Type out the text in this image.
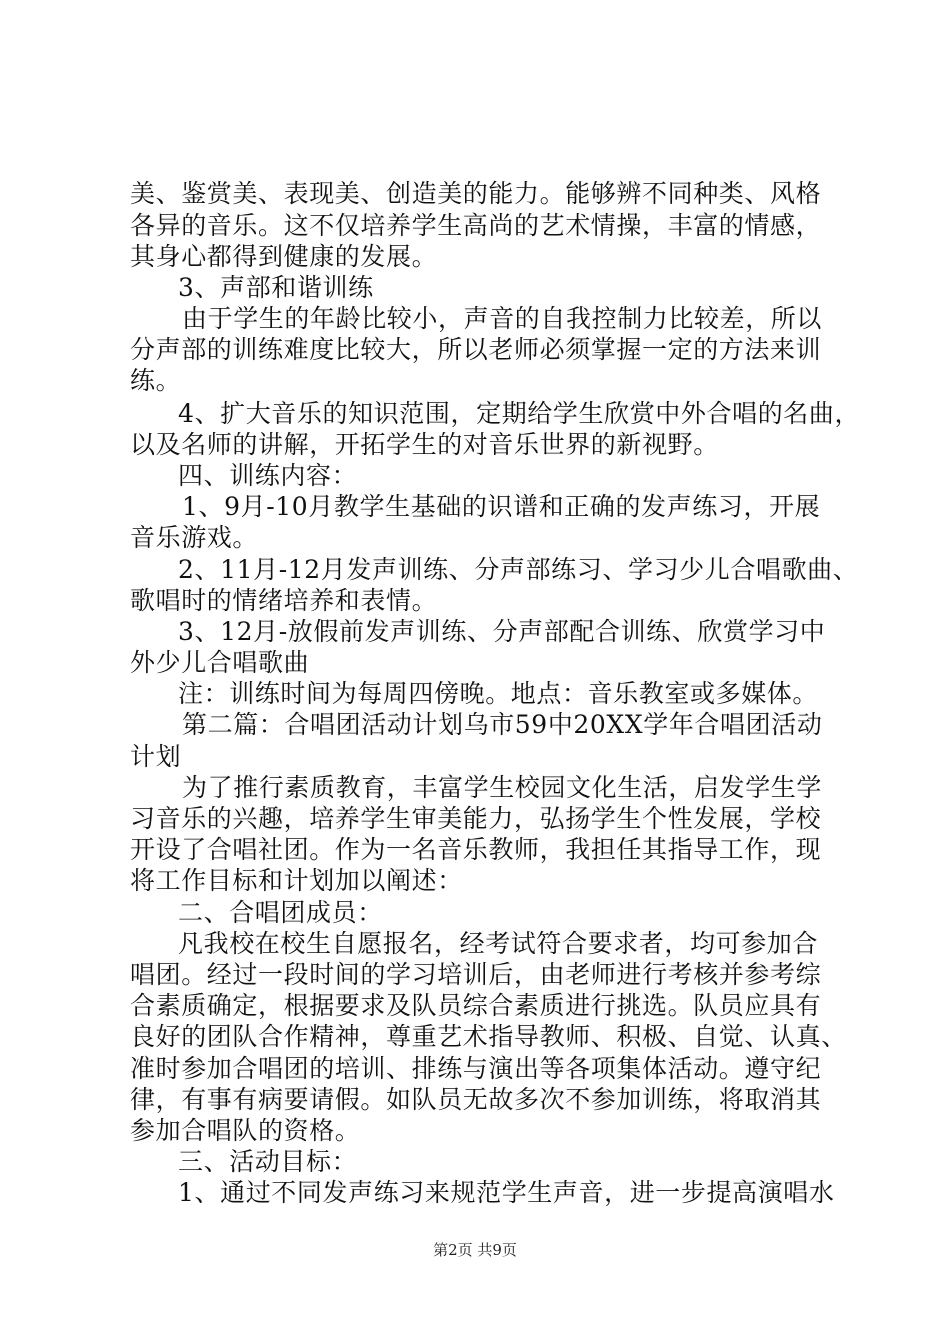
美、鉴赏美、表现美、创造美的能力。能够辨不同种类、风格
各异的音乐。这不仅培养学生高尚的艺术情操，丰富的情感，
其身心都得到健康的发展。
3、声部和谐训练
由于学生的年龄比较小，声音的自我控制力比较差，所以
分声部的训练难度比较大，所以老师必须掌握一定的方法来训
练。
4、扩大音乐的知识范围，定期给学生欣赏中外合唱的名曲，
以及名师的讲解，开拓学生的对音乐世界的新视野。
四、训练内容：
1、9月-10月教学生基础的识谱和正确的发声练习，开展
音乐游戏。
2、11月-12月发声训练、分声部练习、学习少儿合唱歌曲、
歌唱时的情绪培养和表情。
3、12月-放假前发声训练、分声部配合训练、欣赏学习中
外少儿合唱歌曲
注：训练时间为每周四傍晚。地点：音乐教室或多媒体。
第二篇：合唱团活动计划乌市59中20XX学年合唱团活动
计划
为了推行素质教育，丰富学生校园文化生活，启发学生学
习音乐的兴趣，培养学生审美能力，弘扬学生个性发展，学校
开设了合唱社团。作为一名音乐教师，我担任其指导工作，现
将工作目标和计划加以阐述：
二、合唱团成员：
凡我校在校生自愿报名，经考试符合要求者，均可参加合
唱团。经过一段时间的学习培训后，由老师进行考核并参考综
合素质确定，根据要求及队员综合素质进行挑选。队员应具有
良好的团队合作精神，尊重艺术指导教师、积极、自觉、认真、
准时参加合唱团的培训、排练与演出等各项集体活动。遵守纪
律，有事有病要请假。如队员无故多次不参加训练，将取消其
参加合唱队的资格。
三、活动目标：
1、通过不同发声练习来规范学生声音，进一步提高演唱水
第2页 共9页
